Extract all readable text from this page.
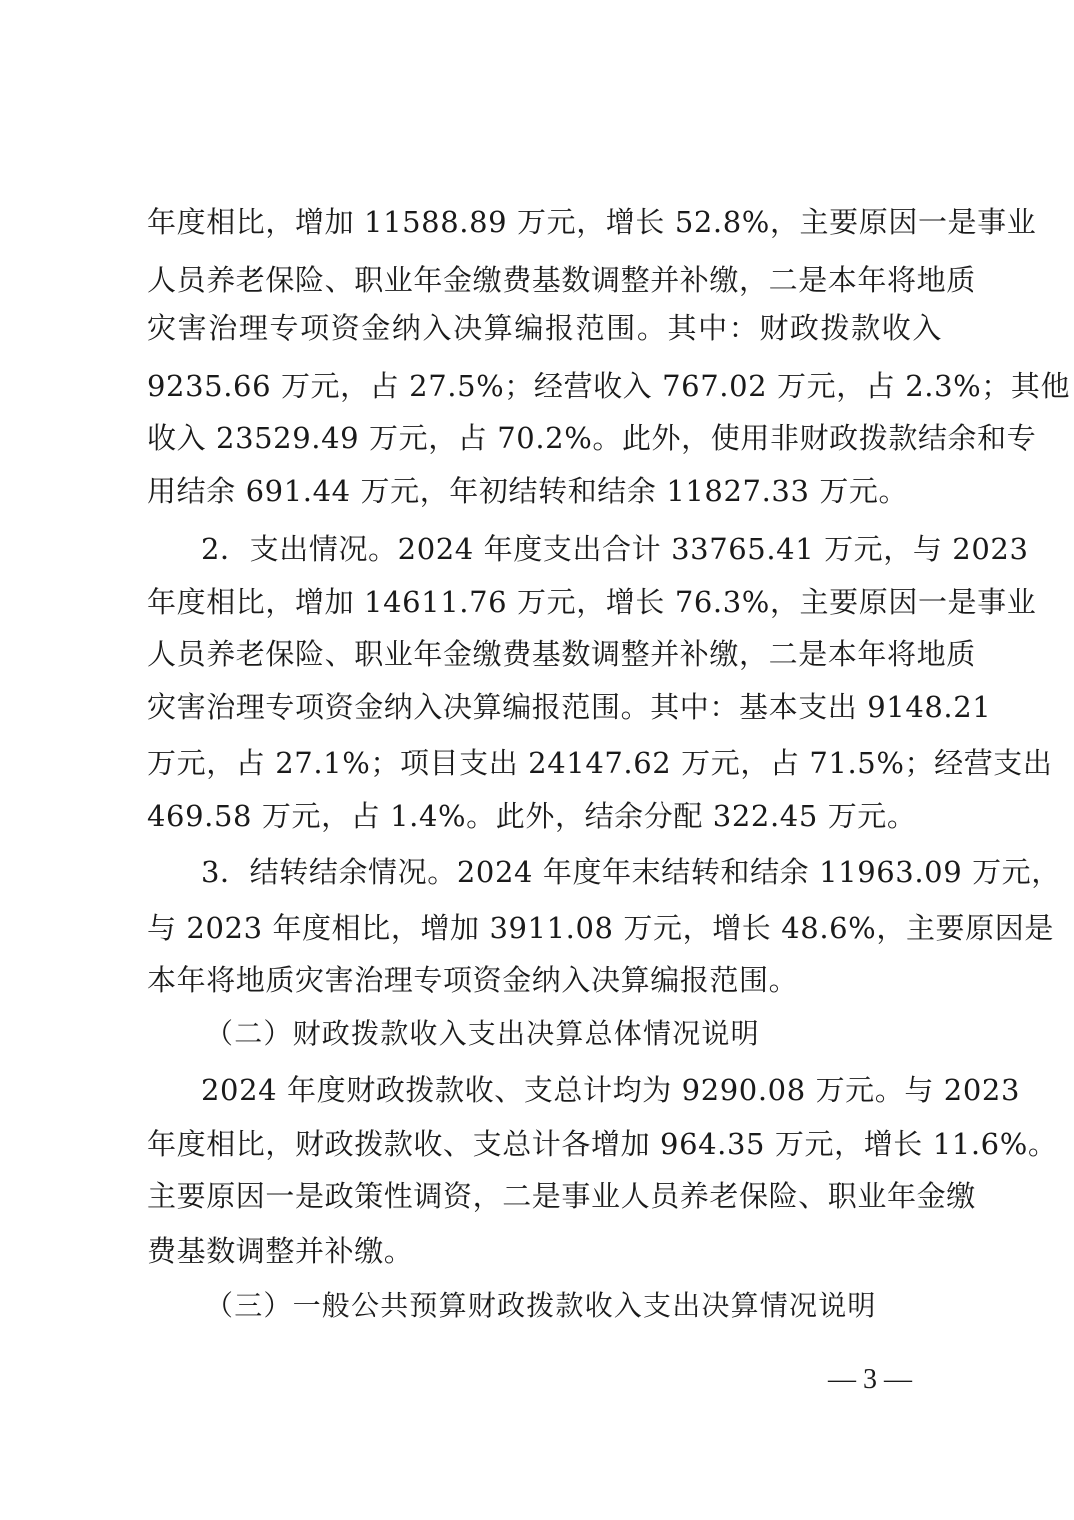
年度相比，增加 11588.89 万元，增长 52.8%，主要原因一是事业
人员养老保险、职业年金缴费基数调整并补缴，二是本年将地质
灾害治理专项资金纳入决算编报范围。其中：财政拨款收入
9235.66 万元，占 27.5%；经营收入 767.02 万元，占 2.3%；其他
收入 23529.49 万元，占 70.2%。此外，使用非财政拨款结余和专
用结余 691.44 万元，年初结转和结余 11827.33 万元。
2．支出情况。2024 年度支出合计 33765.41 万元，与 2023
年度相比，增加 14611.76 万元，增长 76.3%，主要原因一是事业
人员养老保险、职业年金缴费基数调整并补缴，二是本年将地质
灾害治理专项资金纳入决算编报范围。其中：基本支出 9148.21
万元，占 27.1%；项目支出 24147.62 万元，占 71.5%；经营支出
469.58 万元，占 1.4%。此外，结余分配 322.45 万元。
3．结转结余情况。2024 年度年末结转和结余 11963.09 万元，
与 2023 年度相比，增加 3911.08 万元，增长 48.6%，主要原因是
本年将地质灾害治理专项资金纳入决算编报范围。
（二）财政拨款收入支出决算总体情况说明
2024 年度财政拨款收、支总计均为 9290.08 万元。与 2023
年度相比，财政拨款收、支总计各增加 964.35 万元，增长 11.6%。
主要原因一是政策性调资，二是事业人员养老保险、职业年金缴
费基数调整并补缴。
（三）一般公共预算财政拨款收入支出决算情况说明
— 3 —
